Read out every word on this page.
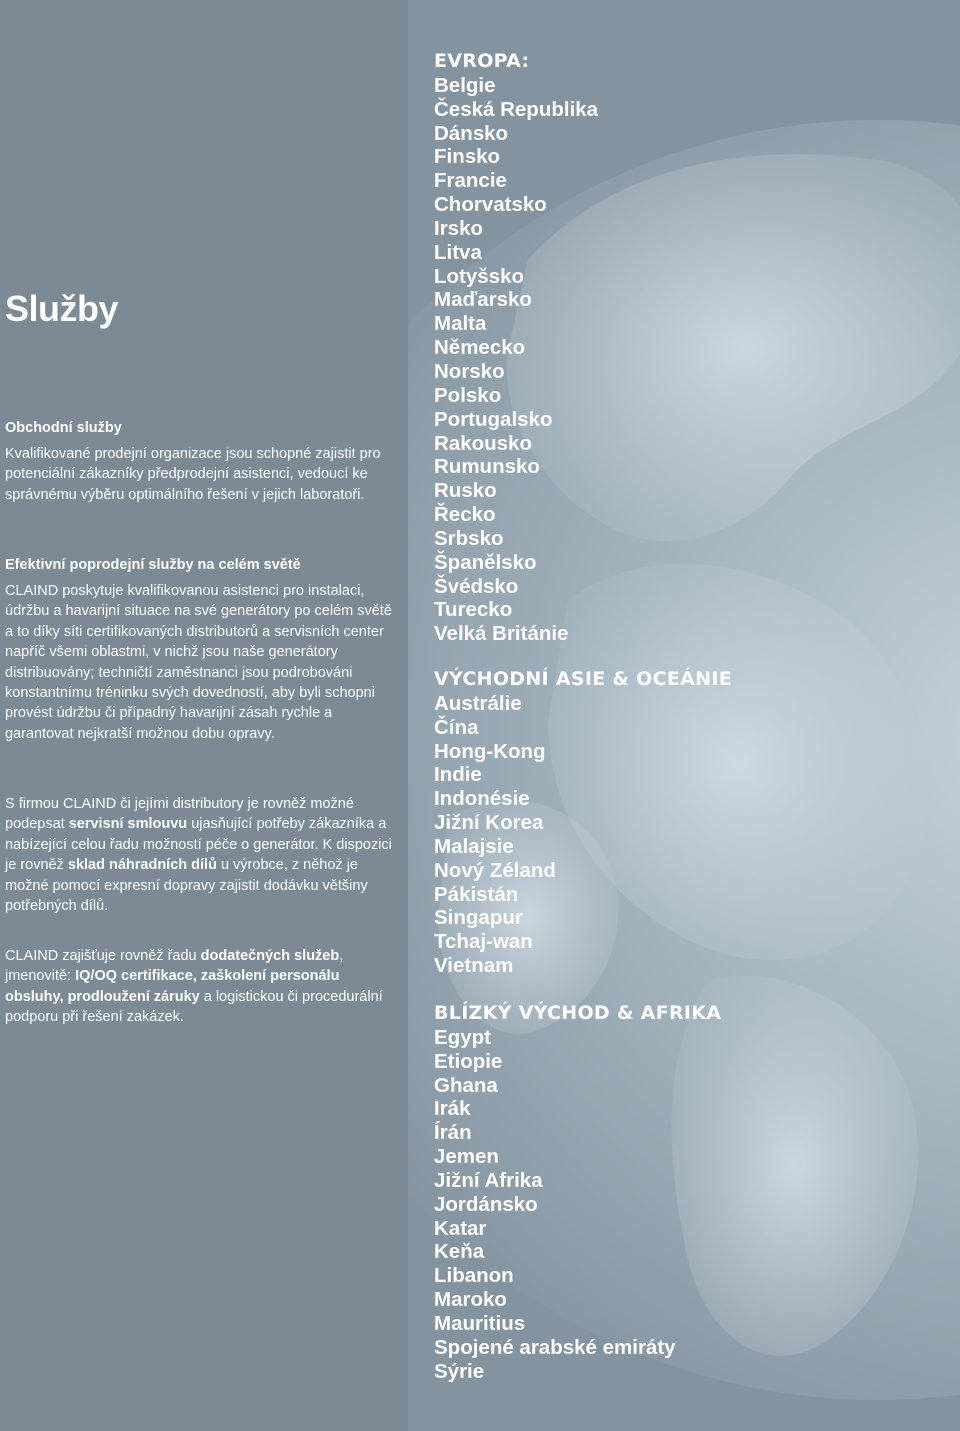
Služby
Obchodní služby

Kvalifikované prodejní organizace jsou schopné zajistit pro potenciální zákazníky předprodejní asistenci, vedoucí ke správnému výběru optimálního řešení v jejich laboratoři.

Efektivní poprodejní služby na celém světě

CLAIND poskytuje kvalifikovanou asistenci pro instalaci, údržbu a havarijní situace na své generátory po celém světě a to díky síti certifikovaných distributorů a servisních center napříč všemi oblastmi, v nichž jsou naše generátory distribuovány; techničtí zaměstnanci jsou podrobováni konstantnímu tréninku svých dovedností, aby byli schopni provést údržbu či případný havarijní zásah rychle a garantovat nejkratší možnou dobu opravy.

S firmou CLAIND či jejími distributory je rovněž možné podepsat servisní smlouvu ujasňující potřeby zákazníka a nabízející celou řadu možností péče o generátor. K dispozici je rovněž sklad náhradních dílů u výrobce, z něhož je možné pomocí expresní dopravy zajistit dodávku většiny potřebných dílů.

CLAIND zajišťuje rovněž řadu dodatečných služeb, jmenovitě: IQ/OQ certifikace, zaškolení personálu obsluhy, prodloužení záruky a logistickou či procedurální podporu při řešení zakázek.

EVROPA:
Belgie
Česká Republika
Dánsko
Finsko
Francie
Chorvatsko
Irsko
Litva
Lotyšsko
Maďarsko
Malta
Německo
Norsko
Polsko
Portugalsko
Rakousko
Rumunsko
Rusko
Řecko
Srbsko
Španělsko
Švédsko
Turecko
Velká Británie
VÝCHODNÍ ASIE & OCEÁNIE
Austrálie
Čína
Hong-Kong
Indie
Indonésie
Jižní Korea
Malajsie
Nový Zéland
Pákistán
Singapur
Tchaj-wan
Vietnam
BLÍZKÝ VÝCHOD & AFRIKA
Egypt
Etiopie
Ghana
Irák
Írán
Jemen
Jižní Afrika
Jordánsko
Katar
Keňa
Libanon
Maroko
Mauritius
Spojené arabské emiráty
Sýrie
